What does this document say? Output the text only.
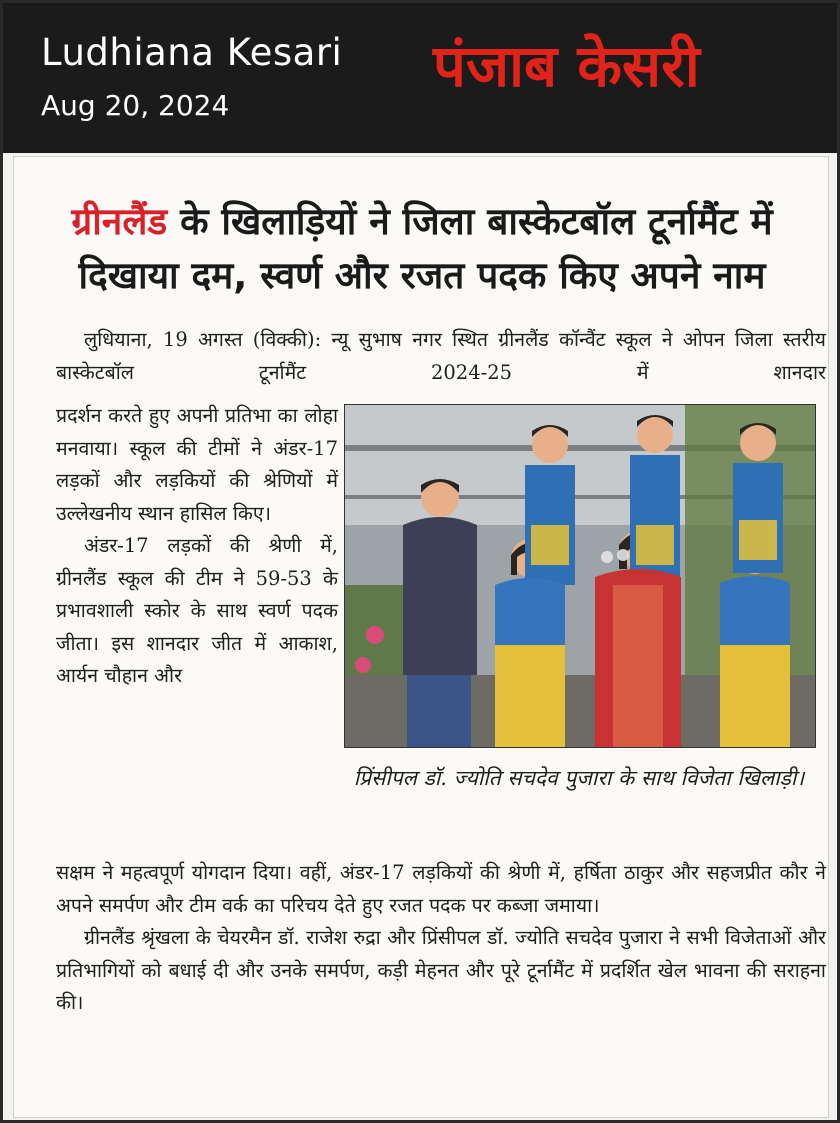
Ludhiana Kesari
Aug 20, 2024
पंजाब केसरी
ग्रीनलैंड के खिलाड़ियों ने जिला बास्केटबॉल टूर्नामैंट में दिखाया दम, स्वर्ण और रजत पदक किए अपने नाम
लुधियाना, 19 अगस्त (विक्की): न्यू सुभाष नगर स्थित ग्रीनलैंड कॉन्वैंट स्कूल ने ओपन जिला स्तरीय बास्केटबॉल टूर्नामैंट 2024-25 में शानदार

प्रदर्शन करते हुए अपनी प्रतिभा का लोहा मनवाया। स्कूल की टीमों ने अंडर-17 लड़कों और लड़कियों की श्रेणियों में उल्लेखनीय स्थान हासिल किए।

अंडर-17 लड़कों की श्रेणी में, ग्रीनलैंड स्कूल की टीम ने 59-53 के प्रभावशाली स्कोर के साथ स्वर्ण पदक जीता। इस शानदार जीत में आकाश, आर्यन चौहान और

प्रिंसीपल डॉ. ज्योति सचदेव पुजारा के साथ विजेता खिलाड़ी।

सक्षम ने महत्वपूर्ण योगदान दिया। वहीं, अंडर-17 लड़कियों की श्रेणी में, हर्षिता ठाकुर और सहजप्रीत कौर ने अपने समर्पण और टीम वर्क का परिचय देते हुए रजत पदक पर कब्जा जमाया।

ग्रीनलैंड श्रृंखला के चेयरमैन डॉ. राजेश रुद्रा और प्रिंसीपल डॉ. ज्योति सचदेव पुजारा ने सभी विजेताओं और प्रतिभागियों को बधाई दी और उनके समर्पण, कड़ी मेहनत और पूरे टूर्नामैंट में प्रदर्शित खेल भावना की सराहना की।
